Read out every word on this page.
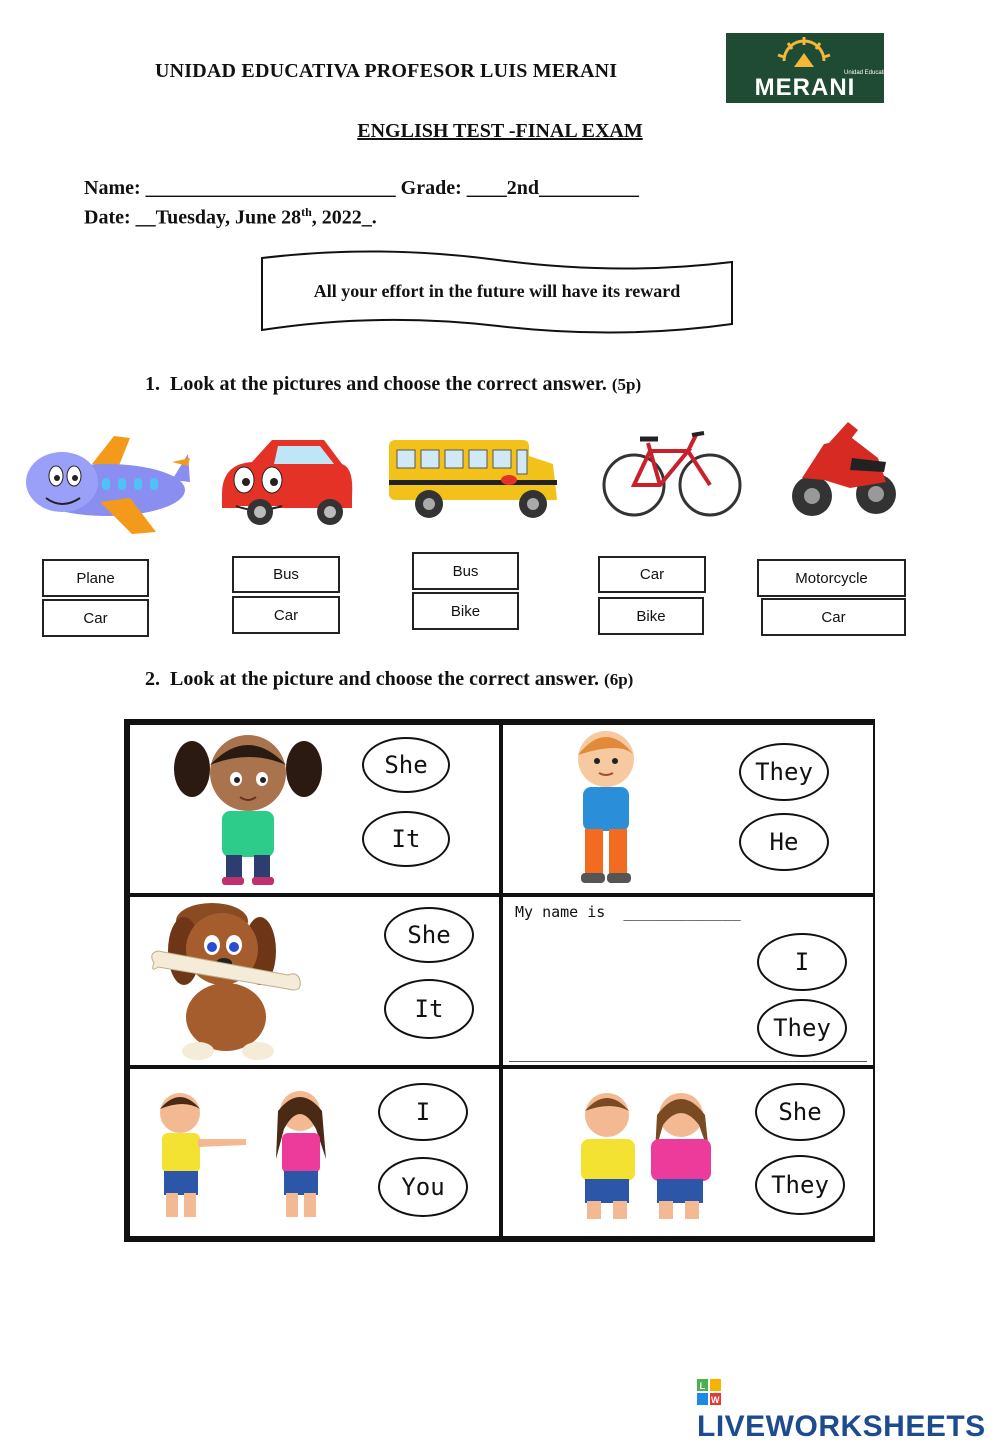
UNIDAD EDUCATIVA PROFESOR LUIS MERANI
MERANI
Unidad Educativa
ENGLISH TEST -FINAL EXAM
Name: _________________________ Grade: ____2nd__________
Date: __Tuesday, June 28th, 2022_.
All your effort in the future will have its reward
1. Look at the pictures and choose the correct answer. (5p)
Plane
Car
Bus
Car
Bus
Bike
Car
Bike
Motorcycle
Car
2. Look at the picture and choose the correct answer. (6p)
She
It
They
He
She
It
My name is _____________
I
They
I
You
She
They
L
W
LIVEWORKSHEETS
